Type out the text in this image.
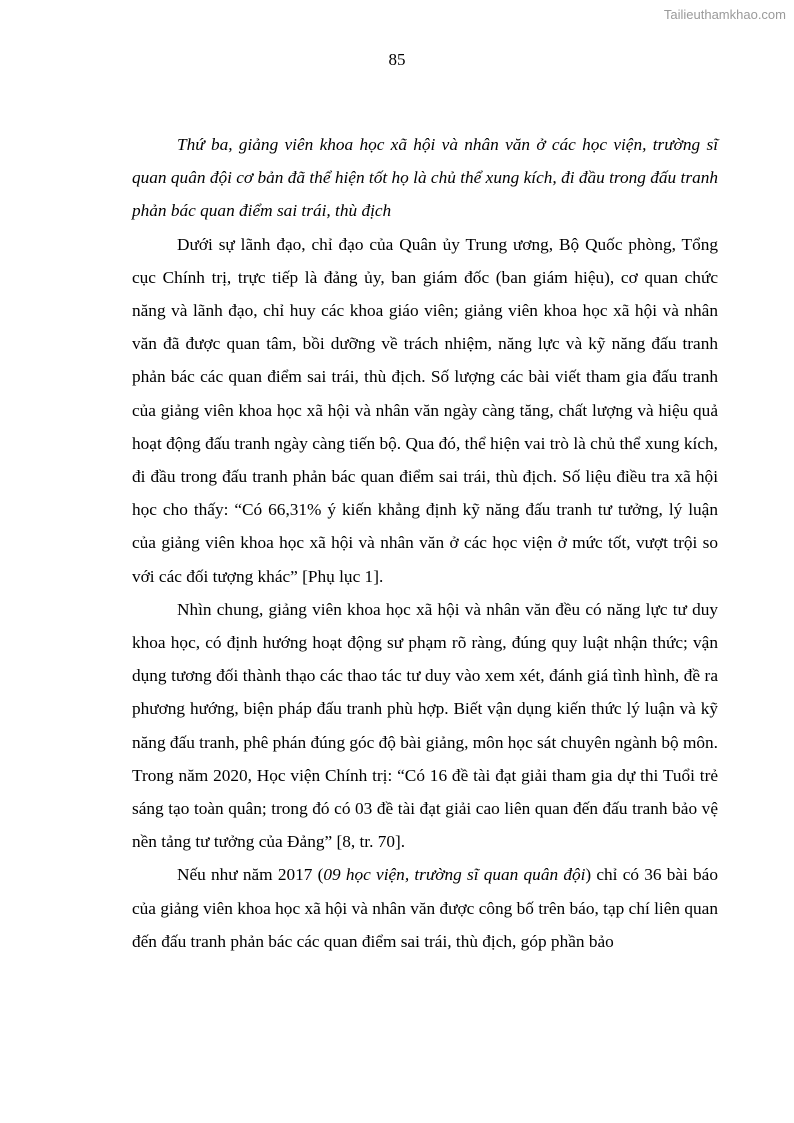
Tailieuthamkhao.com
85

Thứ ba, giảng viên khoa học xã hội và nhân văn ở các học viện, trường sĩ quan quân đội cơ bản đã thể hiện tốt họ là chủ thể xung kích, đi đầu trong đấu tranh phản bác quan điểm sai trái, thù địch

Dưới sự lãnh đạo, chỉ đạo của Quân ủy Trung ương, Bộ Quốc phòng, Tổng cục Chính trị, trực tiếp là đảng ủy, ban giám đốc (ban giám hiệu), cơ quan chức năng và lãnh đạo, chỉ huy các khoa giáo viên; giảng viên khoa học xã hội và nhân văn đã được quan tâm, bồi dưỡng về trách nhiệm, năng lực và kỹ năng đấu tranh phản bác các quan điểm sai trái, thù địch. Số lượng các bài viết tham gia đấu tranh của giảng viên khoa học xã hội và nhân văn ngày càng tăng, chất lượng và hiệu quả hoạt động đấu tranh ngày càng tiến bộ. Qua đó, thể hiện vai trò là chủ thể xung kích, đi đầu trong đấu tranh phản bác quan điểm sai trái, thù địch. Số liệu điều tra xã hội học cho thấy: “Có 66,31% ý kiến khẳng định kỹ năng đấu tranh tư tưởng, lý luận của giảng viên khoa học xã hội và nhân văn ở các học viện ở mức tốt, vượt trội so với các đối tượng khác” [Phụ lục 1].

Nhìn chung, giảng viên khoa học xã hội và nhân văn đều có năng lực tư duy khoa học, có định hướng hoạt động sư phạm rõ ràng, đúng quy luật nhận thức; vận dụng tương đối thành thạo các thao tác tư duy vào xem xét, đánh giá tình hình, đề ra phương hướng, biện pháp đấu tranh phù hợp. Biết vận dụng kiến thức lý luận và kỹ năng đấu tranh, phê phán đúng góc độ bài giảng, môn học sát chuyên ngành bộ môn. Trong năm 2020, Học viện Chính trị: “Có 16 đề tài đạt giải tham gia dự thi Tuổi trẻ sáng tạo toàn quân; trong đó có 03 đề tài đạt giải cao liên quan đến đấu tranh bảo vệ nền tảng tư tưởng của Đảng” [8, tr. 70].

Nếu như năm 2017 (09 học viện, trường sĩ quan quân đội) chỉ có 36 bài báo của giảng viên khoa học xã hội và nhân văn được công bố trên báo, tạp chí liên quan đến đấu tranh phản bác các quan điểm sai trái, thù địch, góp phần bảo
